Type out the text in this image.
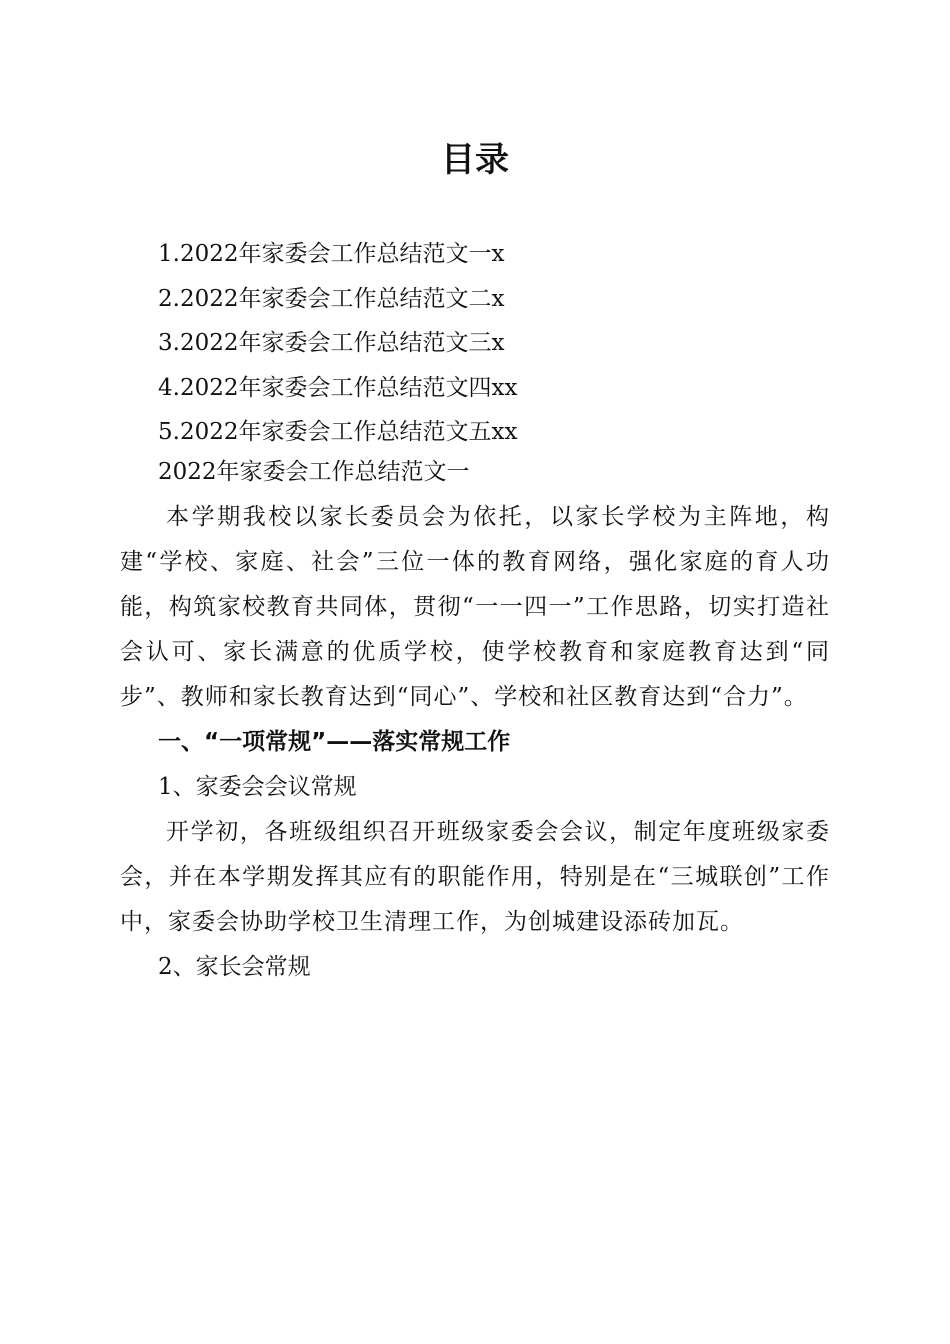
目录
1.2022年家委会工作总结范文一x
2.2022年家委会工作总结范文二x
3.2022年家委会工作总结范文三x
4.2022年家委会工作总结范文四xx
5.2022年家委会工作总结范文五xx
2022年家委会工作总结范文一

本学期我校以家长委员会为依托，以家长学校为主阵地，构建“学校、家庭、社会”三位一体的教育网络，强化家庭的育人功能，构筑家校教育共同体，贯彻“一一四一”工作思路，切实打造社会认可、家长满意的优质学校，使学校教育和家庭教育达到“同步”、教师和家长教育达到“同心”、学校和社区教育达到“合力”。

一、“一项常规”——落实常规工作
1、家委会会议常规

开学初，各班级组织召开班级家委会会议，制定年度班级家委会，并在本学期发挥其应有的职能作用，特别是在“三城联创”工作中，家委会协助学校卫生清理工作，为创城建设添砖加瓦。

2、家长会常规
